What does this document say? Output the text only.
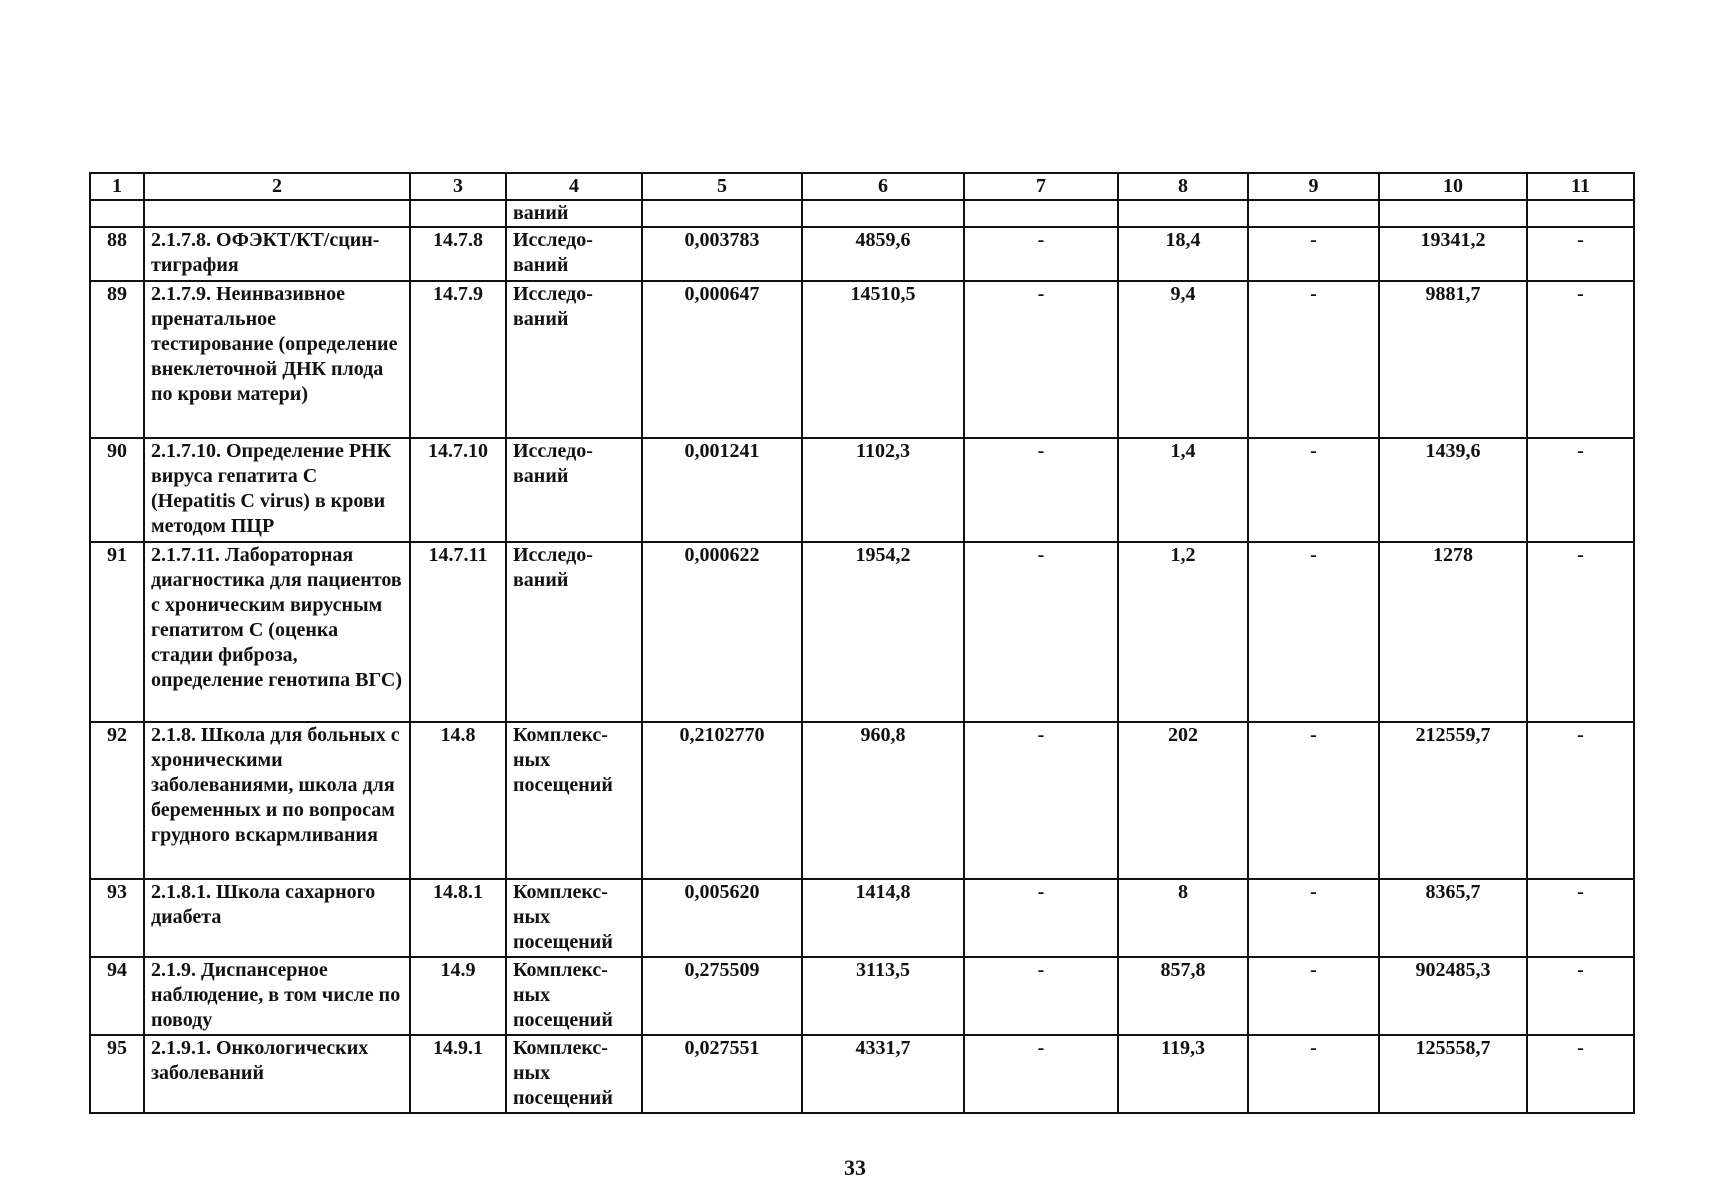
1	2	3	4	5	6	7	8	9	10	11
			ваний							
88	2.1.7.8. ОФЭКТ/КТ/сцин-тиграфия	14.7.8	Исследо-ваний	0,003783	4859,6	-	18,4	-	19341,2	-
89	2.1.7.9. Неинвазивное пренатальное тестирование (определение внеклеточной ДНК плода по крови матери)	14.7.9	Исследо-ваний	0,000647	14510,5	-	9,4	-	9881,7	-
90	2.1.7.10. Определение РНК вируса гепатита С (Hepatitis С virus) в крови методом ПЦР	14.7.10	Исследо-ваний	0,001241	1102,3	-	1,4	-	1439,6	-
91	2.1.7.11. Лабораторная диагностика для пациентов с хроническим вирусным гепатитом С (оценка стадии фиброза, определение генотипа ВГС)	14.7.11	Исследо-ваний	0,000622	1954,2	-	1,2	-	1278	-
92	2.1.8. Школа для больных с хроническими заболеваниями, школа для беременных и по вопросам грудного вскармливания	14.8	Комплекс-ных посещений	0,2102770	960,8	-	202	-	212559,7	-
93	2.1.8.1. Школа сахарного диабета	14.8.1	Комплекс-ных посещений	0,005620	1414,8	-	8	-	8365,7	-
94	2.1.9. Диспансерное наблюдение, в том числе по поводу	14.9	Комплекс-ных посещений	0,275509	3113,5	-	857,8	-	902485,3	-
95	2.1.9.1. Онкологических заболеваний	14.9.1	Комплекс-ных посещений	0,027551	4331,7	-	119,3	-	125558,7	-
33
